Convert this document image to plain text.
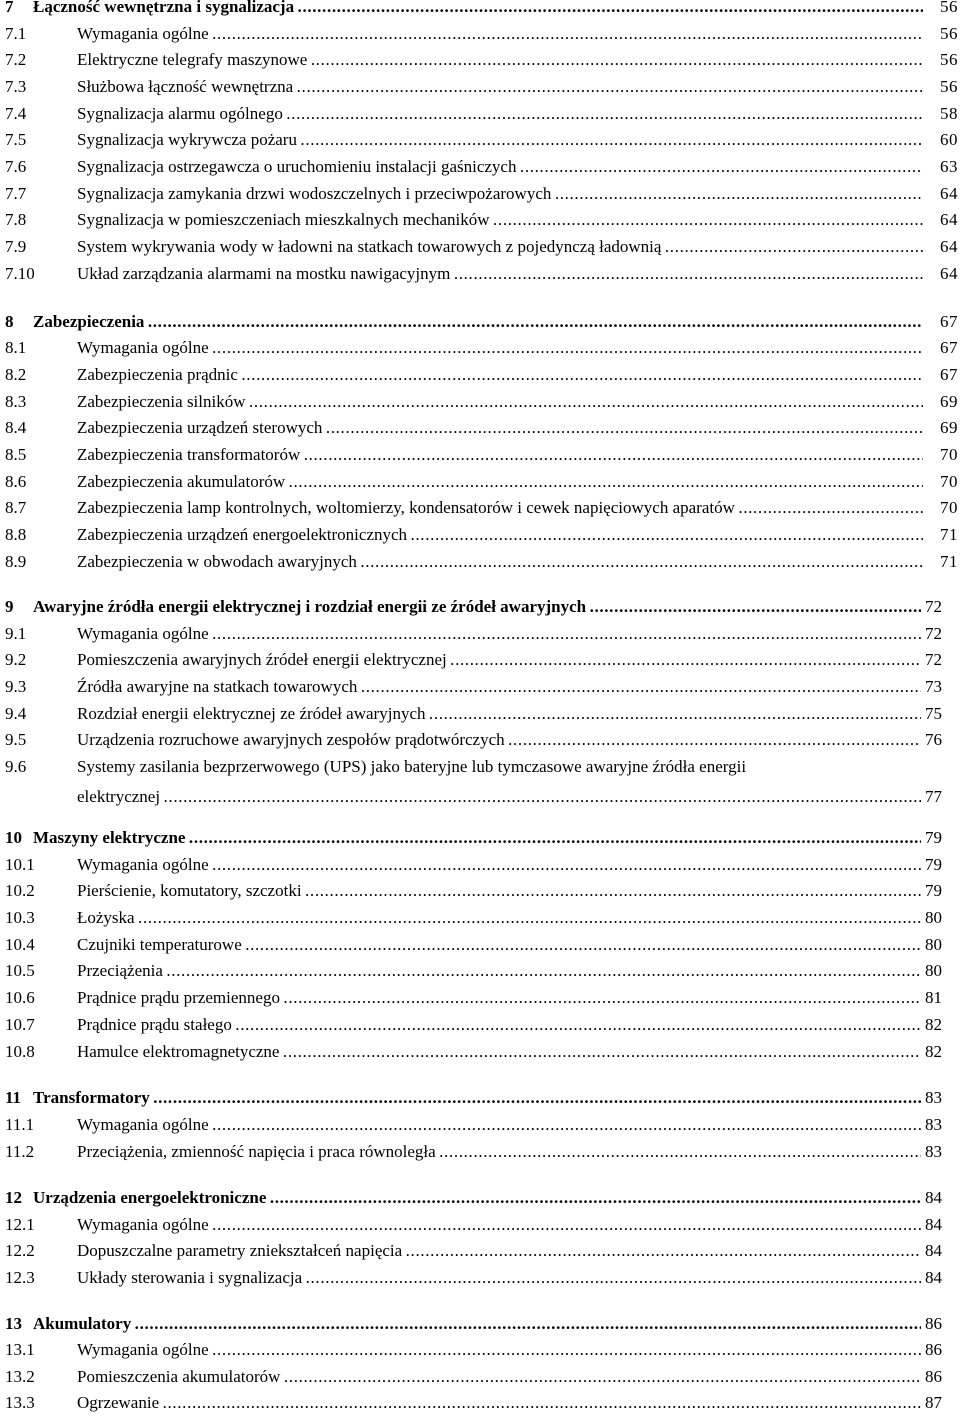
7 Łączność wewnętrzna i sygnalizacja . . .	56
7.1	Wymagania ogólne . . .	56
7.2	Elektryczne telegrafy maszynowe . . .	56
7.3	Służbowa łączność wewnętrzna . . .	56
7.4	Sygnalizacja alarmu ogólnego . . .	58
7.5	Sygnalizacja wykrywcza pożaru . . .	60
7.6	Sygnalizacja ostrzegawcza o uruchomieniu instalacji gaśniczych . . .	63
7.7	Sygnalizacja zamykania drzwi wodoszczelnych i przeciwpożarowych . . .	64
7.8	Sygnalizacja w pomieszczeniach mieszkalnych mechaników . . .	64
7.9	System wykrywania wody w ładowni na statkach towarowych z pojedynczą ładownią . . .	64
7.10 Układ zarządzania alarmami na mostku nawigacyjnym . . .	64
8 Zabezpieczenia . . .	67
8.1	Wymagania ogólne . . .	67
8.2	Zabezpieczenia prądnic . . .	67
8.3	Zabezpieczenia silników . . .	69
8.4	Zabezpieczenia urządzeń sterowych . . .	69
8.5	Zabezpieczenia transformatorów . . .	70
8.6	Zabezpieczenia akumulatorów . . .	70
8.7	Zabezpieczenia lamp kontrolnych, woltomierzy, kondensatorów i cewek napięciowych aparatów . . .	70
8.8	Zabezpieczenia urządzeń energoelektronicznych . . .	71
8.9	Zabezpieczenia w obwodach awaryjnych . . .	71
9 Awaryjne źródła energii elektrycznej i rozdział energii ze źródeł awaryjnych . . .	72
9.1	Wymagania ogólne . . .	72
9.2	Pomieszczenia awaryjnych źródeł energii elektrycznej . . .	72
9.3	Źródła awaryjne na statkach towarowych . . .	73
9.4	Rozdział energii elektrycznej ze źródeł awaryjnych . . .	75
9.5	Urządzenia rozruchowe awaryjnych zespołów prądotwórczych . . .	76
9.6	Systemy zasilania bezprzerwowego (UPS) jako bateryjne lub tymczasowe awaryjne źródła energii
elektrycznej . . .	77
10 Maszyny elektryczne . . .	79
10.1 Wymagania ogólne . . .	79
10.2 Pierścienie, komutatory, szczotki . . .	79
10.3 Łożyska . . .	80
10.4 Czujniki temperaturowe . . .	80
10.5 Przeciążenia . . .	80
10.6 Prądnice prądu przemiennego . . .	81
10.7 Prądnice prądu stałego . . .	82
10.8 Hamulce elektromagnetyczne . . .	82
11 Transformatory . . .	83
11.1	Wymagania ogólne . . .	83
11.2	Przeciążenia, zmienność napięcia i praca równoległa . . .	83
12 Urządzenia energoelektroniczne . . .	84
12.1 Wymagania ogólne . . .	84
12.2 Dopuszczalne parametry zniekształceń napięcia . . .	84
12.3 Układy sterowania i sygnalizacja . . .	84
13 Akumulatory . . .	86
13.1 Wymagania ogólne . . .	86
13.2 Pomieszczenia akumulatorów . . .	86
13.3 Ogrzewanie . . .	87
